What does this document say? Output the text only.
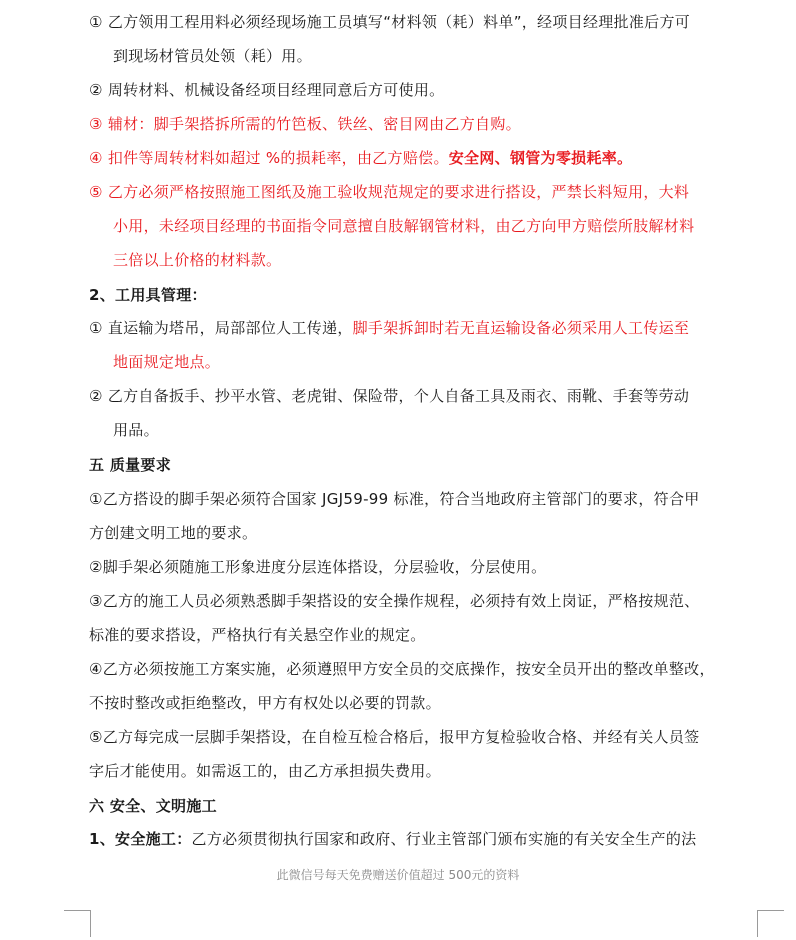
① 乙方领用工程用料必须经现场施工员填写“材料领（耗）料单”，经项目经理批准后方可
到现场材管员处领（耗）用。
② 周转材料、机械设备经项目经理同意后方可使用。
③ 辅材：脚手架搭拆所需的竹笆板、铁丝、密目网由乙方自购。
④ 扣件等周转材料如超过 %的损耗率，由乙方赔偿。安全网、钢管为零损耗率。
⑤ 乙方必须严格按照施工图纸及施工验收规范规定的要求进行搭设，严禁长料短用，大料
小用，未经项目经理的书面指令同意擅自肢解钢管材料，由乙方向甲方赔偿所肢解材料
三倍以上价格的材料款。
2、工用具管理：
① 直运输为塔吊，局部部位人工传递，脚手架拆卸时若无直运输设备必须采用人工传运至
地面规定地点。
② 乙方自备扳手、抄平水管、老虎钳、保险带，个人自备工具及雨衣、雨靴、手套等劳动
用品。
五 质量要求
①乙方搭设的脚手架必须符合国家 JGJ59-99 标准，符合当地政府主管部门的要求，符合甲
方创建文明工地的要求。
②脚手架必须随施工形象进度分层连体搭设，分层验收，分层使用。
③乙方的施工人员必须熟悉脚手架搭设的安全操作规程，必须持有效上岗证，严格按规范、
标准的要求搭设，严格执行有关悬空作业的规定。
④乙方必须按施工方案实施，必须遵照甲方安全员的交底操作，按安全员开出的整改单整改，
不按时整改或拒绝整改，甲方有权处以必要的罚款。
⑤乙方每完成一层脚手架搭设，在自检互检合格后，报甲方复检验收合格、并经有关人员签
字后才能使用。如需返工的，由乙方承担损失费用。
六 安全、文明施工
1、安全施工：乙方必须贯彻执行国家和政府、行业主管部门颁布实施的有关安全生产的法
此微信号每天免费赠送价值超过 500元的资料
